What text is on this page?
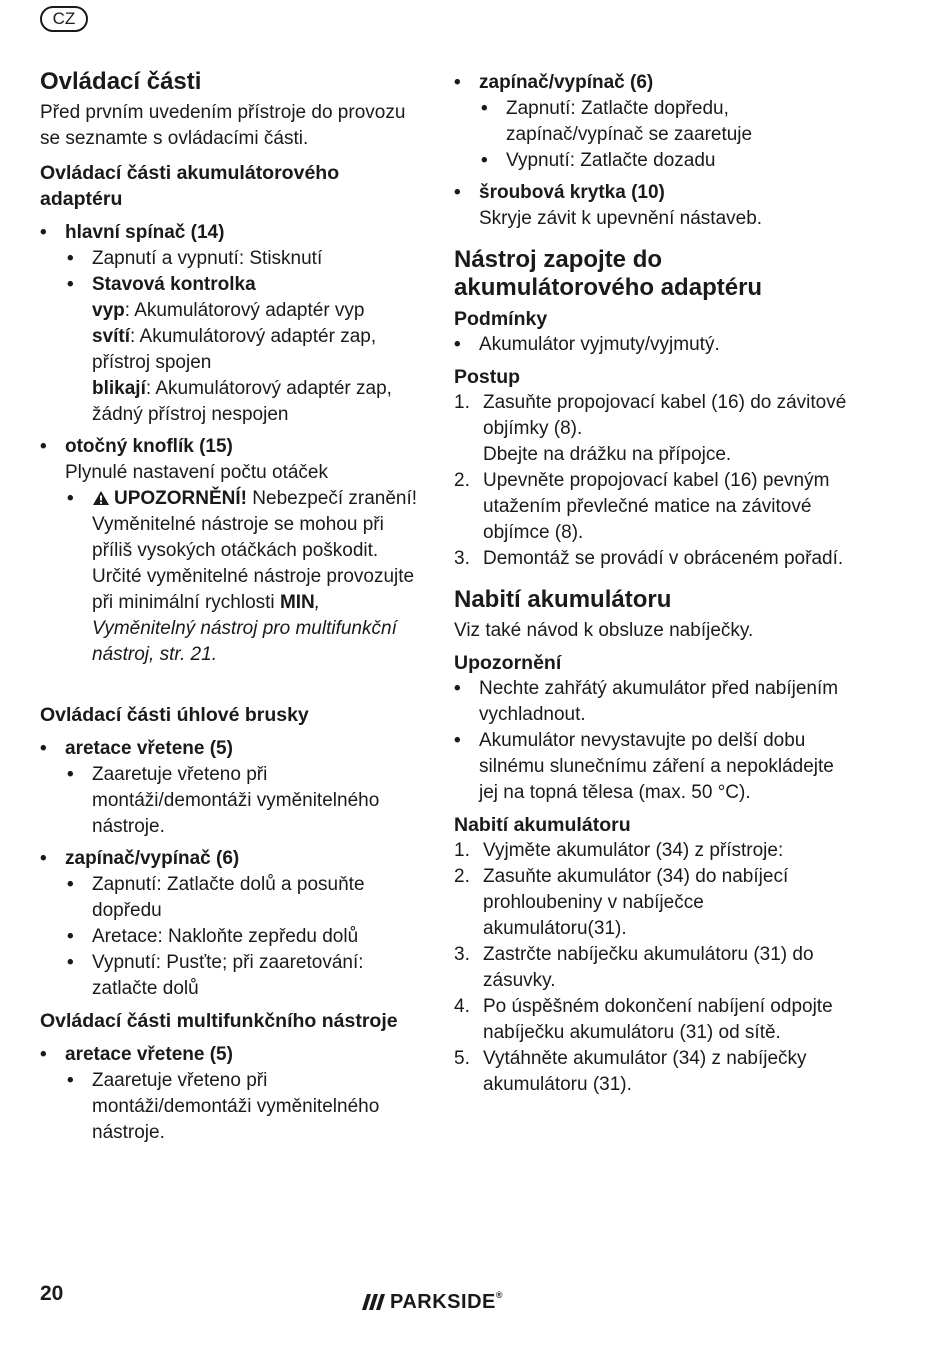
CZ
Ovládací části

Před prvním uvedením přístroje do provozu se seznamte s ovládacími části.

Ovládací části akumulátorového adaptéru
• hlavní spínač (14)
• Zapnutí a vypnutí: Stisknutí
• Stavová kontrolka
vyp: Akumulátorový adaptér vyp
svítí: Akumulátorový adaptér zap, přístroj spojen
blikají: Akumulátorový adaptér zap, žádný přístroj nespojen
• otočný knoflík (15)
Plynulé nastavení počtu otáček
• UPOZORNĚNÍ! Nebezpečí zranění! Vyměnitelné nástroje se mohou při příliš vysokých otáčkách poškodit. Určité vyměnitelné nástroje provozujte při minimální rychlosti MIN, Vyměnitelný nástroj pro multifunkční nástroj, str. 21.
Ovládací části úhlové brusky
• aretace vřetene (5)
• Zaaretuje vřeteno při montáži/demontáži vyměnitelného nástroje.
• zapínač/vypínač (6)
• Zapnutí: Zatlačte dolů a posuňte dopředu
• Aretace: Nakloňte zepředu dolů
• Vypnutí: Pusťte; při zaaretování: zatlačte dolů
Ovládací části multifunkčního nástroje
• aretace vřetene (5)
• Zaaretuje vřeteno při montáži/demontáži vyměnitelného nástroje.
• zapínač/vypínač (6)
• Zapnutí: Zatlačte dopředu, zapínač/vypínač se zaaretuje
• Vypnutí: Zatlačte dozadu
• šroubová krytka (10)
Skryje závit k upevnění nástaveb.
Nástroj zapojte do akumulátorového adaptéru
Podmínky
• Akumulátor vyjmuty/vyjmutý.
Postup
1. Zasuňte propojovací kabel (16) do závitové objímky (8).
Dbejte na drážku na přípojce.
2. Upevněte propojovací kabel (16) pevným utažením převlečné matice na závitové objímce (8).
3. Demontáž se provádí v obráceném pořadí.
Nabití akumulátoru

Viz také návod k obsluze nabíječky.

Upozornění
• Nechte zahřátý akumulátor před nabíjením vychladnout.
• Akumulátor nevystavujte po delší dobu silnému slunečnímu záření a nepokládejte jej na topná tělesa (max. 50 °C).
Nabití akumulátoru
1. Vyjměte akumulátor (34) z přístroje:
2. Zasuňte akumulátor (34) do nabíjecí prohloubeniny v nabíječce akumulátoru(31).
3. Zastrčte nabíječku akumulátoru (31) do zásuvky.
4. Po úspěšném dokončení nabíjení odpojte nabíječku akumulátoru (31) od sítě.
5. Vytáhněte akumulátor (34) z nabíječky akumulátoru (31).
20	PARKSIDE®
